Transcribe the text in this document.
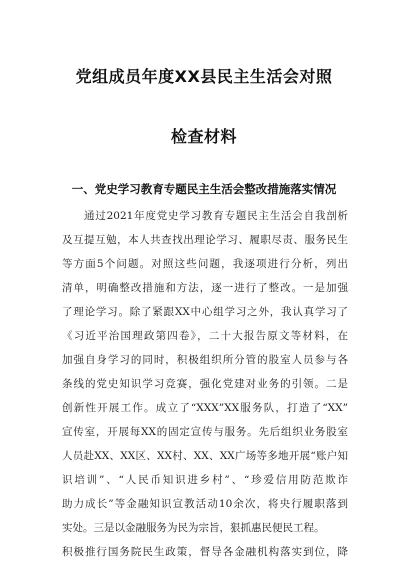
党组成员年度XX县民主生活会对照
检查材料
一、党史学习教育专题民主生活会整改措施落实情况
通过2021年度党史学习教育专题民主生活会自我剖析
及互提互勉，本人共查找出理论学习、履职尽责、服务民生
等方面5个问题。对照这些问题，我逐项进行分析，列出
清单，明确整改措施和方法，逐一进行了整改。一是加强
了理论学习。除了紧跟XX中心组学习之外，我认真学习了
《习近平治国理政第四卷》，二十大报告原文等材料，在
加强自身学习的同时，积极组织所分管的股室人员参与各
条线的党史知识学习竞赛，强化党建对业务的引领。二是
创新性开展工作。成立了“XXX”XX服务队，打造了“XX”
宣传室，开展每XX的固定宣传与服务。先后组织业务股室
人员赴XX、XX区、XX村、XX、XX广场等多地开展“账户知
识培训”、“人民币知识进乡村”、“珍爱信用防范欺诈
助力成长”等金融知识宣教活动10余次，将央行履职落到
实处。三是以金融服务为民为宗旨，狠抓惠民便民工程。
积极推行国务院民生政策，督导各金融机构落实到位，降
